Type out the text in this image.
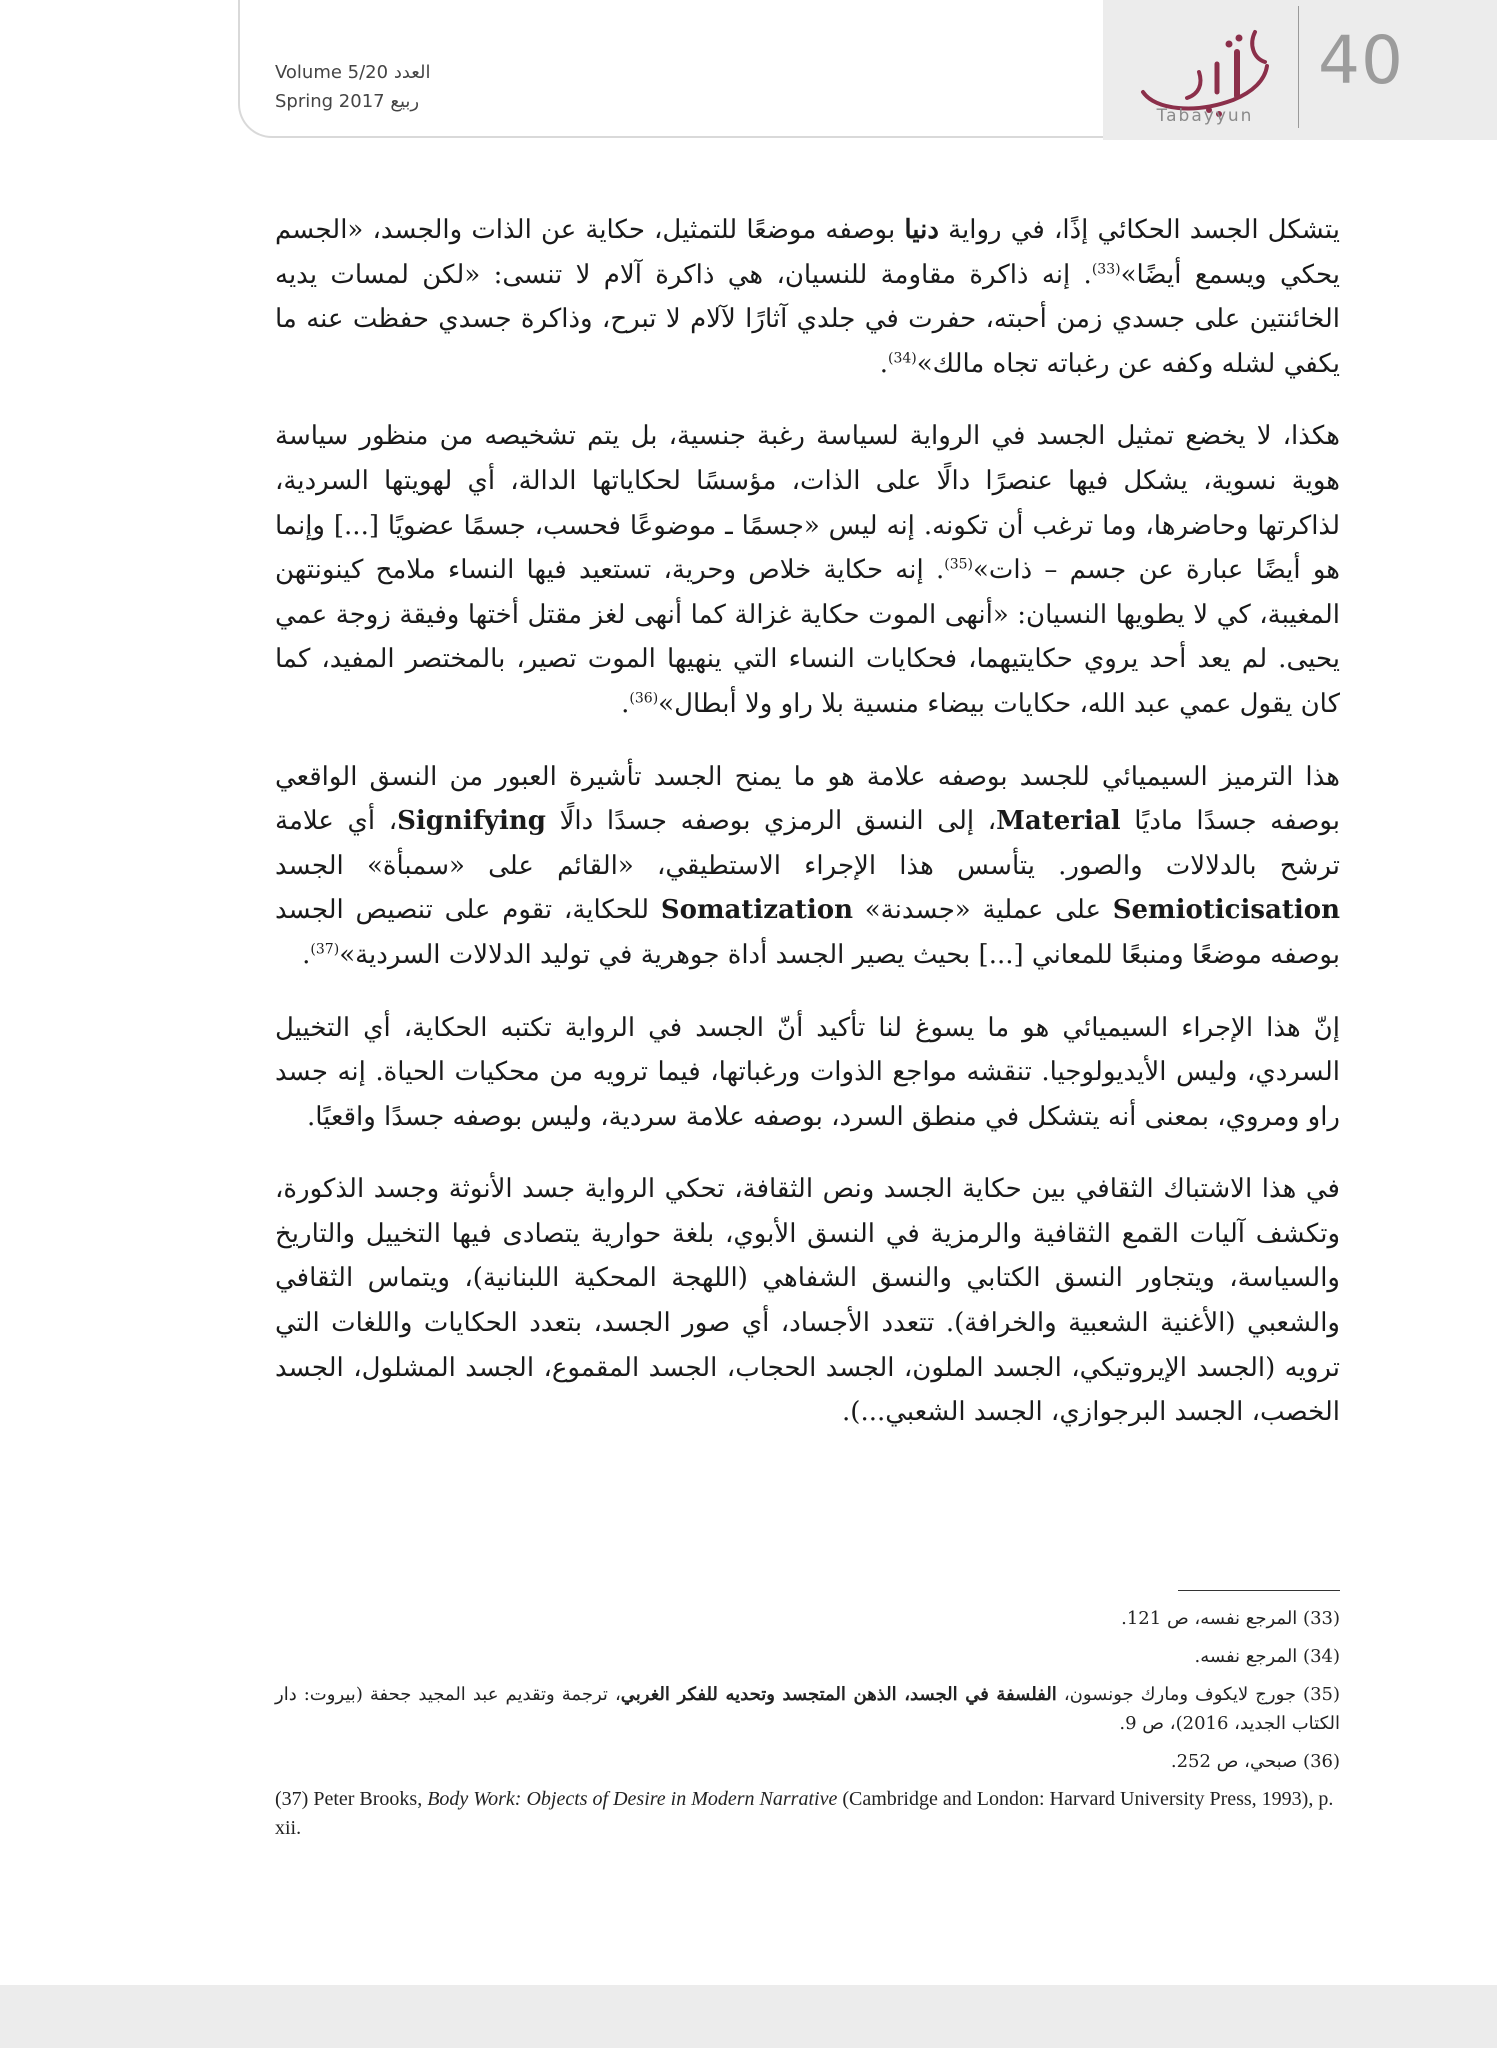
Tabayyun
40
Volume 5/20 العدد
Spring 2017 ربيع

يتشكل الجسد الحكائي إذًا، في رواية دنيا بوصفه موضعًا للتمثيل، حكاية عن الذات والجسد، «الجسم يحكي ويسمع أيضًا»$^{(33)}$. إنه ذاكرة مقاومة للنسيان، هي ذاكرة آلام لا تنسى: «لكن لمسات يديه الخائنتين على جسدي زمن أحبته، حفرت في جلدي آثارًا لآلام لا تبرح، وذاكرة جسدي حفظت عنه ما يكفي لشله وكفه عن رغباته تجاه مالك»$^{(34)}$.

هكذا، لا يخضع تمثيل الجسد في الرواية لسياسة رغبة جنسية، بل يتم تشخيصه من منظور سياسة هوية نسوية، يشكل فيها عنصرًا دالًا على الذات، مؤسسًا لحكاياتها الدالة، أي لهويتها السردية، لذاكرتها وحاضرها، وما ترغب أن تكونه. إنه ليس «جسمًا ـ موضوعًا فحسب، جسمًا عضويًا [...] وإنما هو أيضًا عبارة عن جسم – ذات»$^{(35)}$. إنه حكاية خلاص وحرية، تستعيد فيها النساء ملامح كينونتهن المغيبة، كي لا يطويها النسيان: «أنهى الموت حكاية غزالة كما أنهى لغز مقتل أختها وفيقة زوجة عمي يحيى. لم يعد أحد يروي حكايتيهما، فحكايات النساء التي ينهيها الموت تصير، بالمختصر المفيد، كما كان يقول عمي عبد الله، حكايات بيضاء منسية بلا راو ولا أبطال»$^{(36)}$.

هذا الترميز السيميائي للجسد بوصفه علامة هو ما يمنح الجسد تأشيرة العبور من النسق الواقعي بوصفه جسدًا ماديًا Material، إلى النسق الرمزي بوصفه جسدًا دالًا Signifying، أي علامة ترشح بالدلالات والصور. يتأسس هذا الإجراء الاستطيقي، «القائم على «سمبأة» الجسد Semioticisation على عملية «جسدنة» Somatization للحكاية، تقوم على تنصيص الجسد بوصفه موضعًا ومنبعًا للمعاني [...] بحيث يصير الجسد أداة جوهرية في توليد الدلالات السردية»$^{(37)}$.

إنّ هذا الإجراء السيميائي هو ما يسوغ لنا تأكيد أنّ الجسد في الرواية تكتبه الحكاية، أي التخييل السردي، وليس الأيديولوجيا. تنقشه مواجع الذوات ورغباتها، فيما ترويه من محكيات الحياة. إنه جسد راو ومروي، بمعنى أنه يتشكل في منطق السرد، بوصفه علامة سردية، وليس بوصفه جسدًا واقعيًا.

في هذا الاشتباك الثقافي بين حكاية الجسد ونص الثقافة، تحكي الرواية جسد الأنوثة وجسد الذكورة، وتكشف آليات القمع الثقافية والرمزية في النسق الأبوي، بلغة حوارية يتصادى فيها التخييل والتاريخ والسياسة، ويتجاور النسق الكتابي والنسق الشفاهي (اللهجة المحكية اللبنانية)، ويتماس الثقافي والشعبي (الأغنية الشعبية والخرافة). تتعدد الأجساد، أي صور الجسد، بتعدد الحكايات واللغات التي ترويه (الجسد الإيروتيكي، الجسد الملون، الجسد الحجاب، الجسد المقموع، الجسد المشلول، الجسد الخصب، الجسد البرجوازي، الجسد الشعبي...).

(33) المرجع نفسه، ص 121.
(34) المرجع نفسه.
(35) جورج لايكوف ومارك جونسون، الفلسفة في الجسد، الذهن المتجسد وتحديه للفكر الغربي، ترجمة وتقديم عبد المجيد جحفة (بيروت: دار الكتاب الجديد، 2016)، ص 9.
(36) صبحي، ص 252.
(37) Peter Brooks, Body Work: Objects of Desire in Modern Narrative (Cambridge and London: Harvard University Press, 1993), p. xii.
